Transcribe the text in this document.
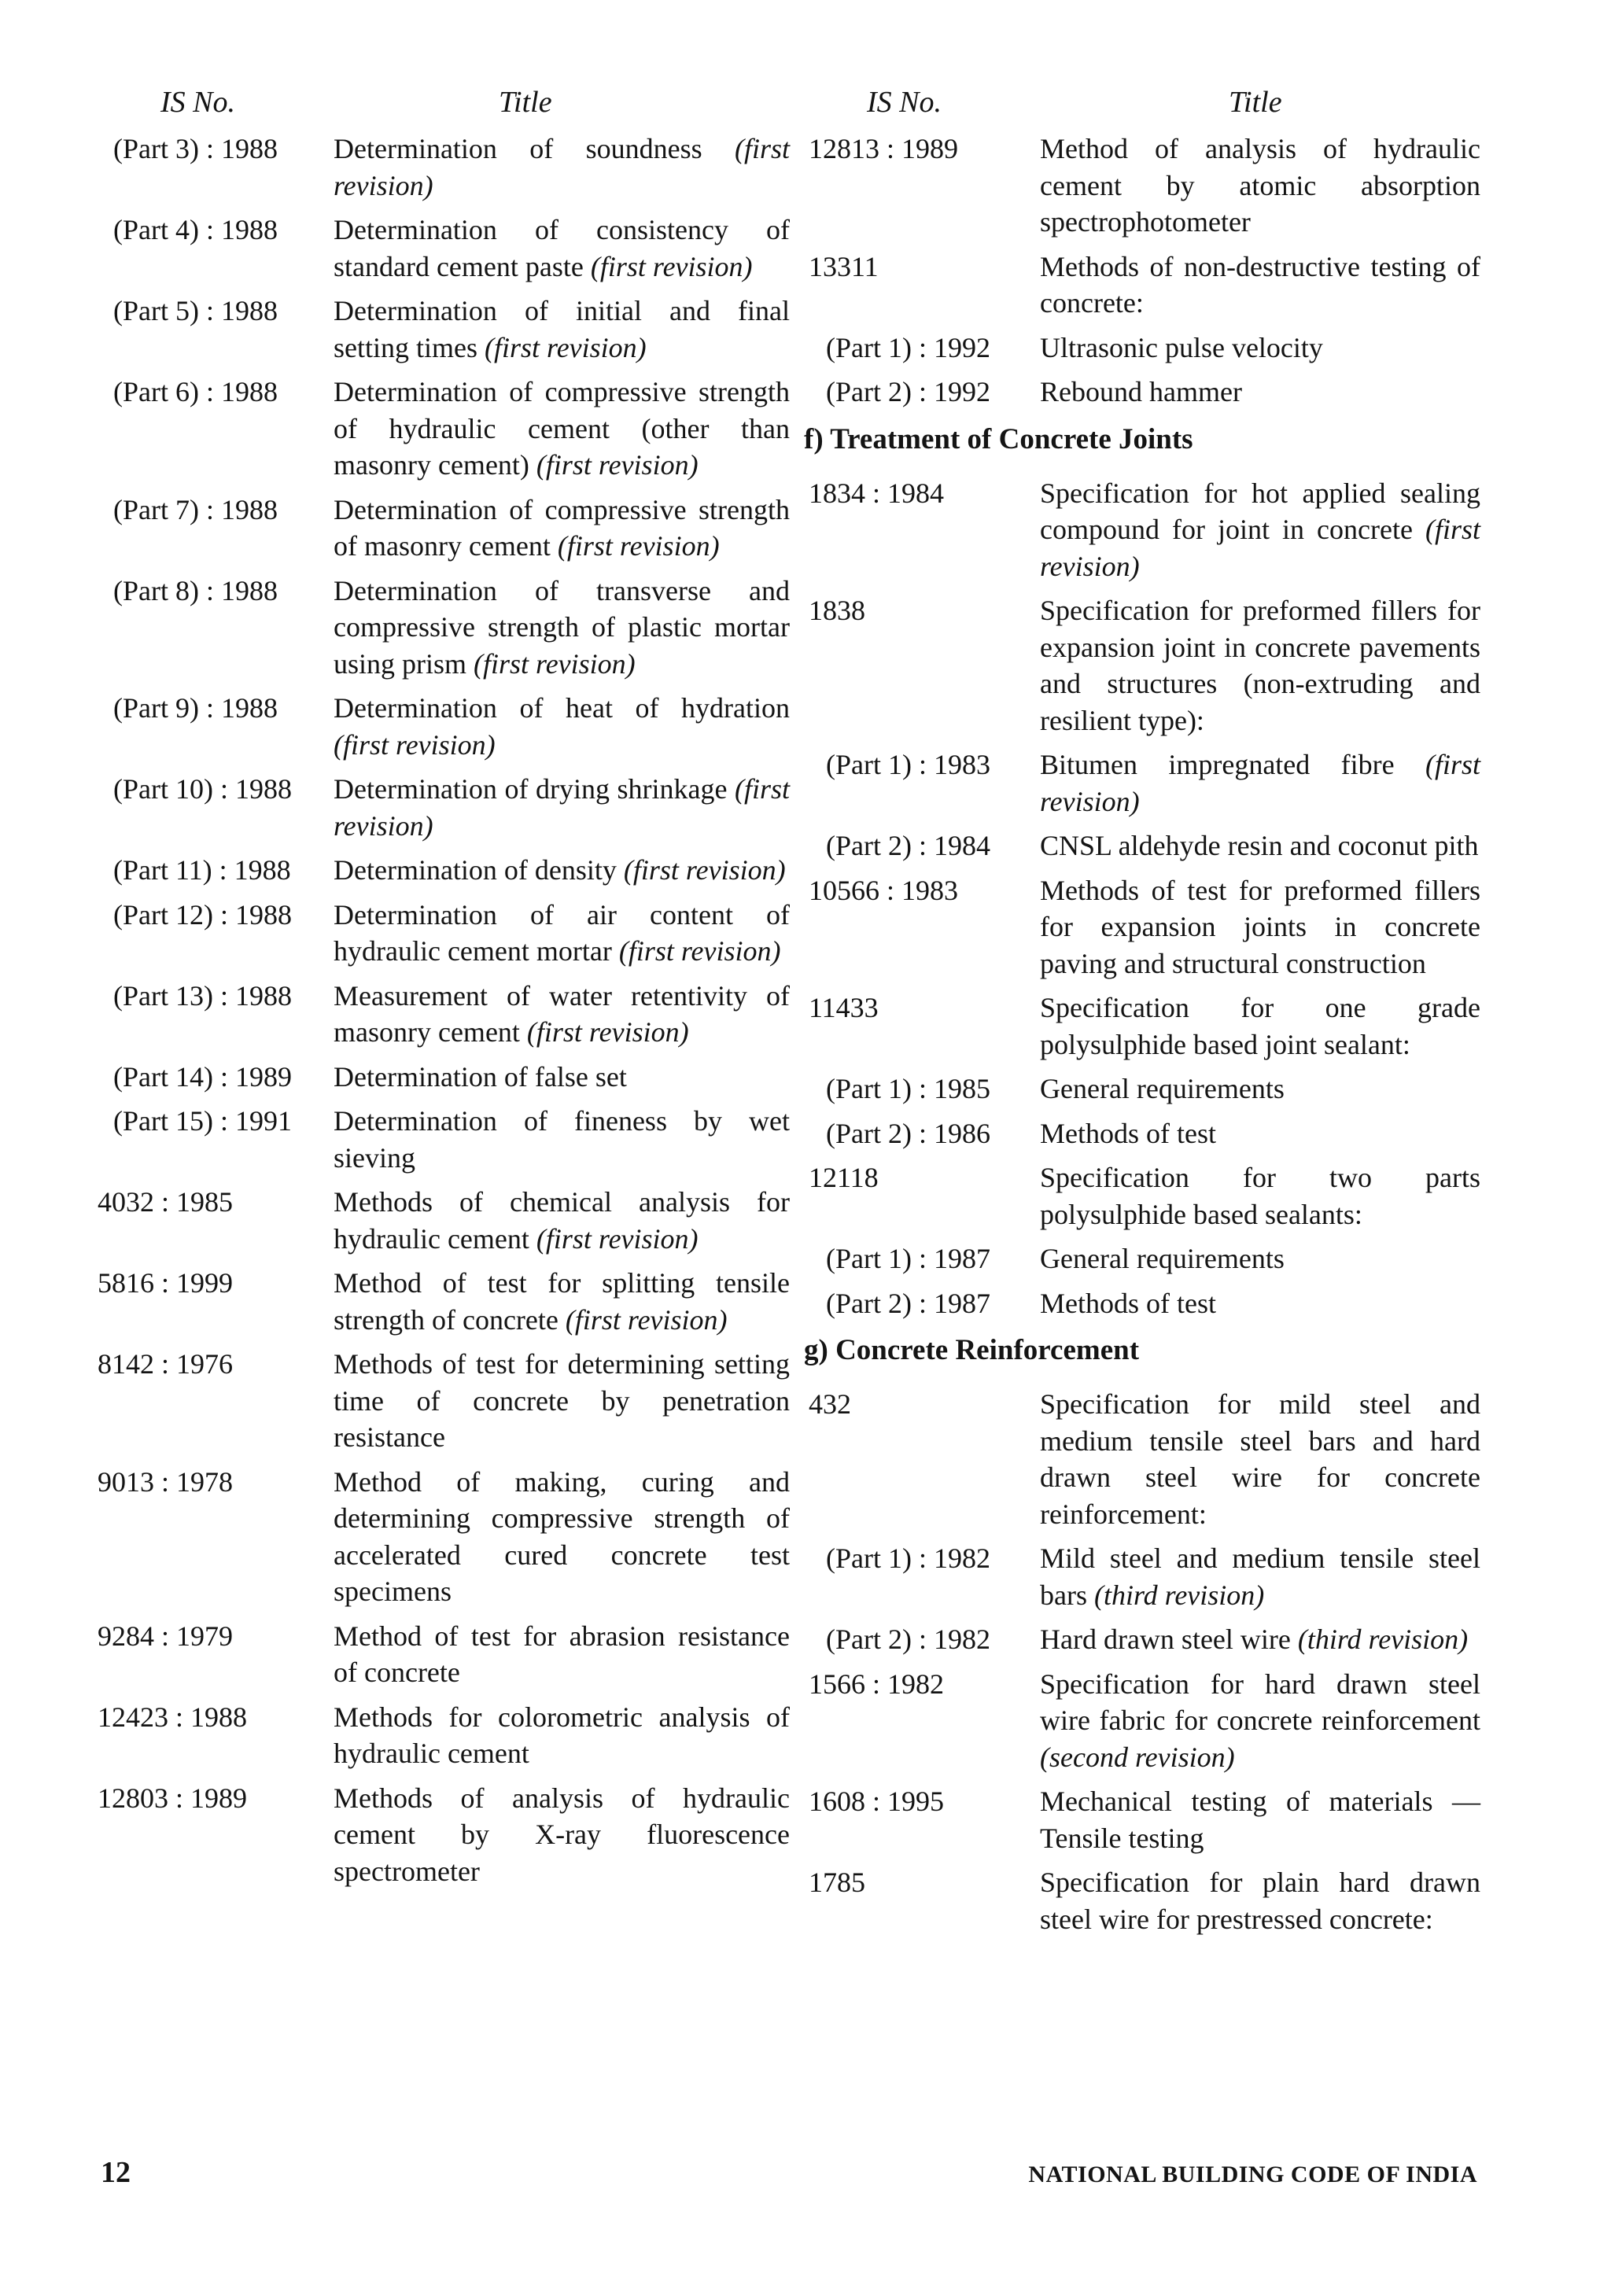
IS No.	Title
(Part 3) : 1988	Determination of soundness (first revision)
(Part 4) : 1988	Determination of consistency of standard cement paste (first revision)
(Part 5) : 1988	Determination of initial and final setting times (first revision)
(Part 6) : 1988	Determination of compressive strength of hydraulic cement (other than masonry cement) (first revision)
(Part 7) : 1988	Determination of compressive strength of masonry cement (first revision)
(Part 8) : 1988	Determination of transverse and compressive strength of plastic mortar using prism (first revision)
(Part 9) : 1988	Determination of heat of hydration (first revision)
(Part 10) : 1988	Determination of drying shrinkage (first revision)
(Part 11) : 1988	Determination of density (first revision)
(Part 12) : 1988	Determination of air content of hydraulic cement mortar (first revision)
(Part 13) : 1988	Measurement of water retentivity of masonry cement (first revision)
(Part 14) : 1989	Determination of false set
(Part 15) : 1991	Determination of fineness by wet sieving
4032 : 1985	Methods of chemical analysis for hydraulic cement (first revision)
5816 : 1999	Method of test for splitting tensile strength of concrete (first revision)
8142 : 1976	Methods of test for determining setting time of concrete by penetration resistance
9013 : 1978	Method of making, curing and determining compressive strength of accelerated cured concrete test specimens
9284 : 1979	Method of test for abrasion resistance of concrete
12423 : 1988	Methods for colorometric analysis of hydraulic cement
12803 : 1989	Methods of analysis of hydraulic cement by X-ray fluorescence spectrometer
IS No.	Title
12813 : 1989	Method of analysis of hydraulic cement by atomic absorption spectrophotometer
13311	Methods of non-destructive testing of concrete:
(Part 1) : 1992	Ultrasonic pulse velocity
(Part 2) : 1992	Rebound hammer
f) Treatment of Concrete Joints
1834 : 1984	Specification for hot applied sealing compound for joint in concrete (first revision)
1838	Specification for preformed fillers for expansion joint in concrete pavements and structures (non-extruding and resilient type):
(Part 1) : 1983	Bitumen impregnated fibre (first revision)
(Part 2) : 1984	CNSL aldehyde resin and coconut pith
10566 : 1983	Methods of test for preformed fillers for expansion joints in concrete paving and structural construction
11433	Specification for one grade polysulphide based joint sealant:
(Part 1) : 1985	General requirements
(Part 2) : 1986	Methods of test
12118	Specification for two parts polysulphide based sealants:
(Part 1) : 1987	General requirements
(Part 2) : 1987	Methods of test
g) Concrete Reinforcement
432	Specification for mild steel and medium tensile steel bars and hard drawn steel wire for concrete reinforcement:
(Part 1) : 1982	Mild steel and medium tensile steel bars (third revision)
(Part 2) : 1982	Hard drawn steel wire (third revision)
1566 : 1982	Specification for hard drawn steel wire fabric for concrete reinforcement (second revision)
1608 : 1995	Mechanical testing of materials — Tensile testing
1785	Specification for plain hard drawn steel wire for prestressed concrete:
12	NATIONAL BUILDING CODE OF INDIA
